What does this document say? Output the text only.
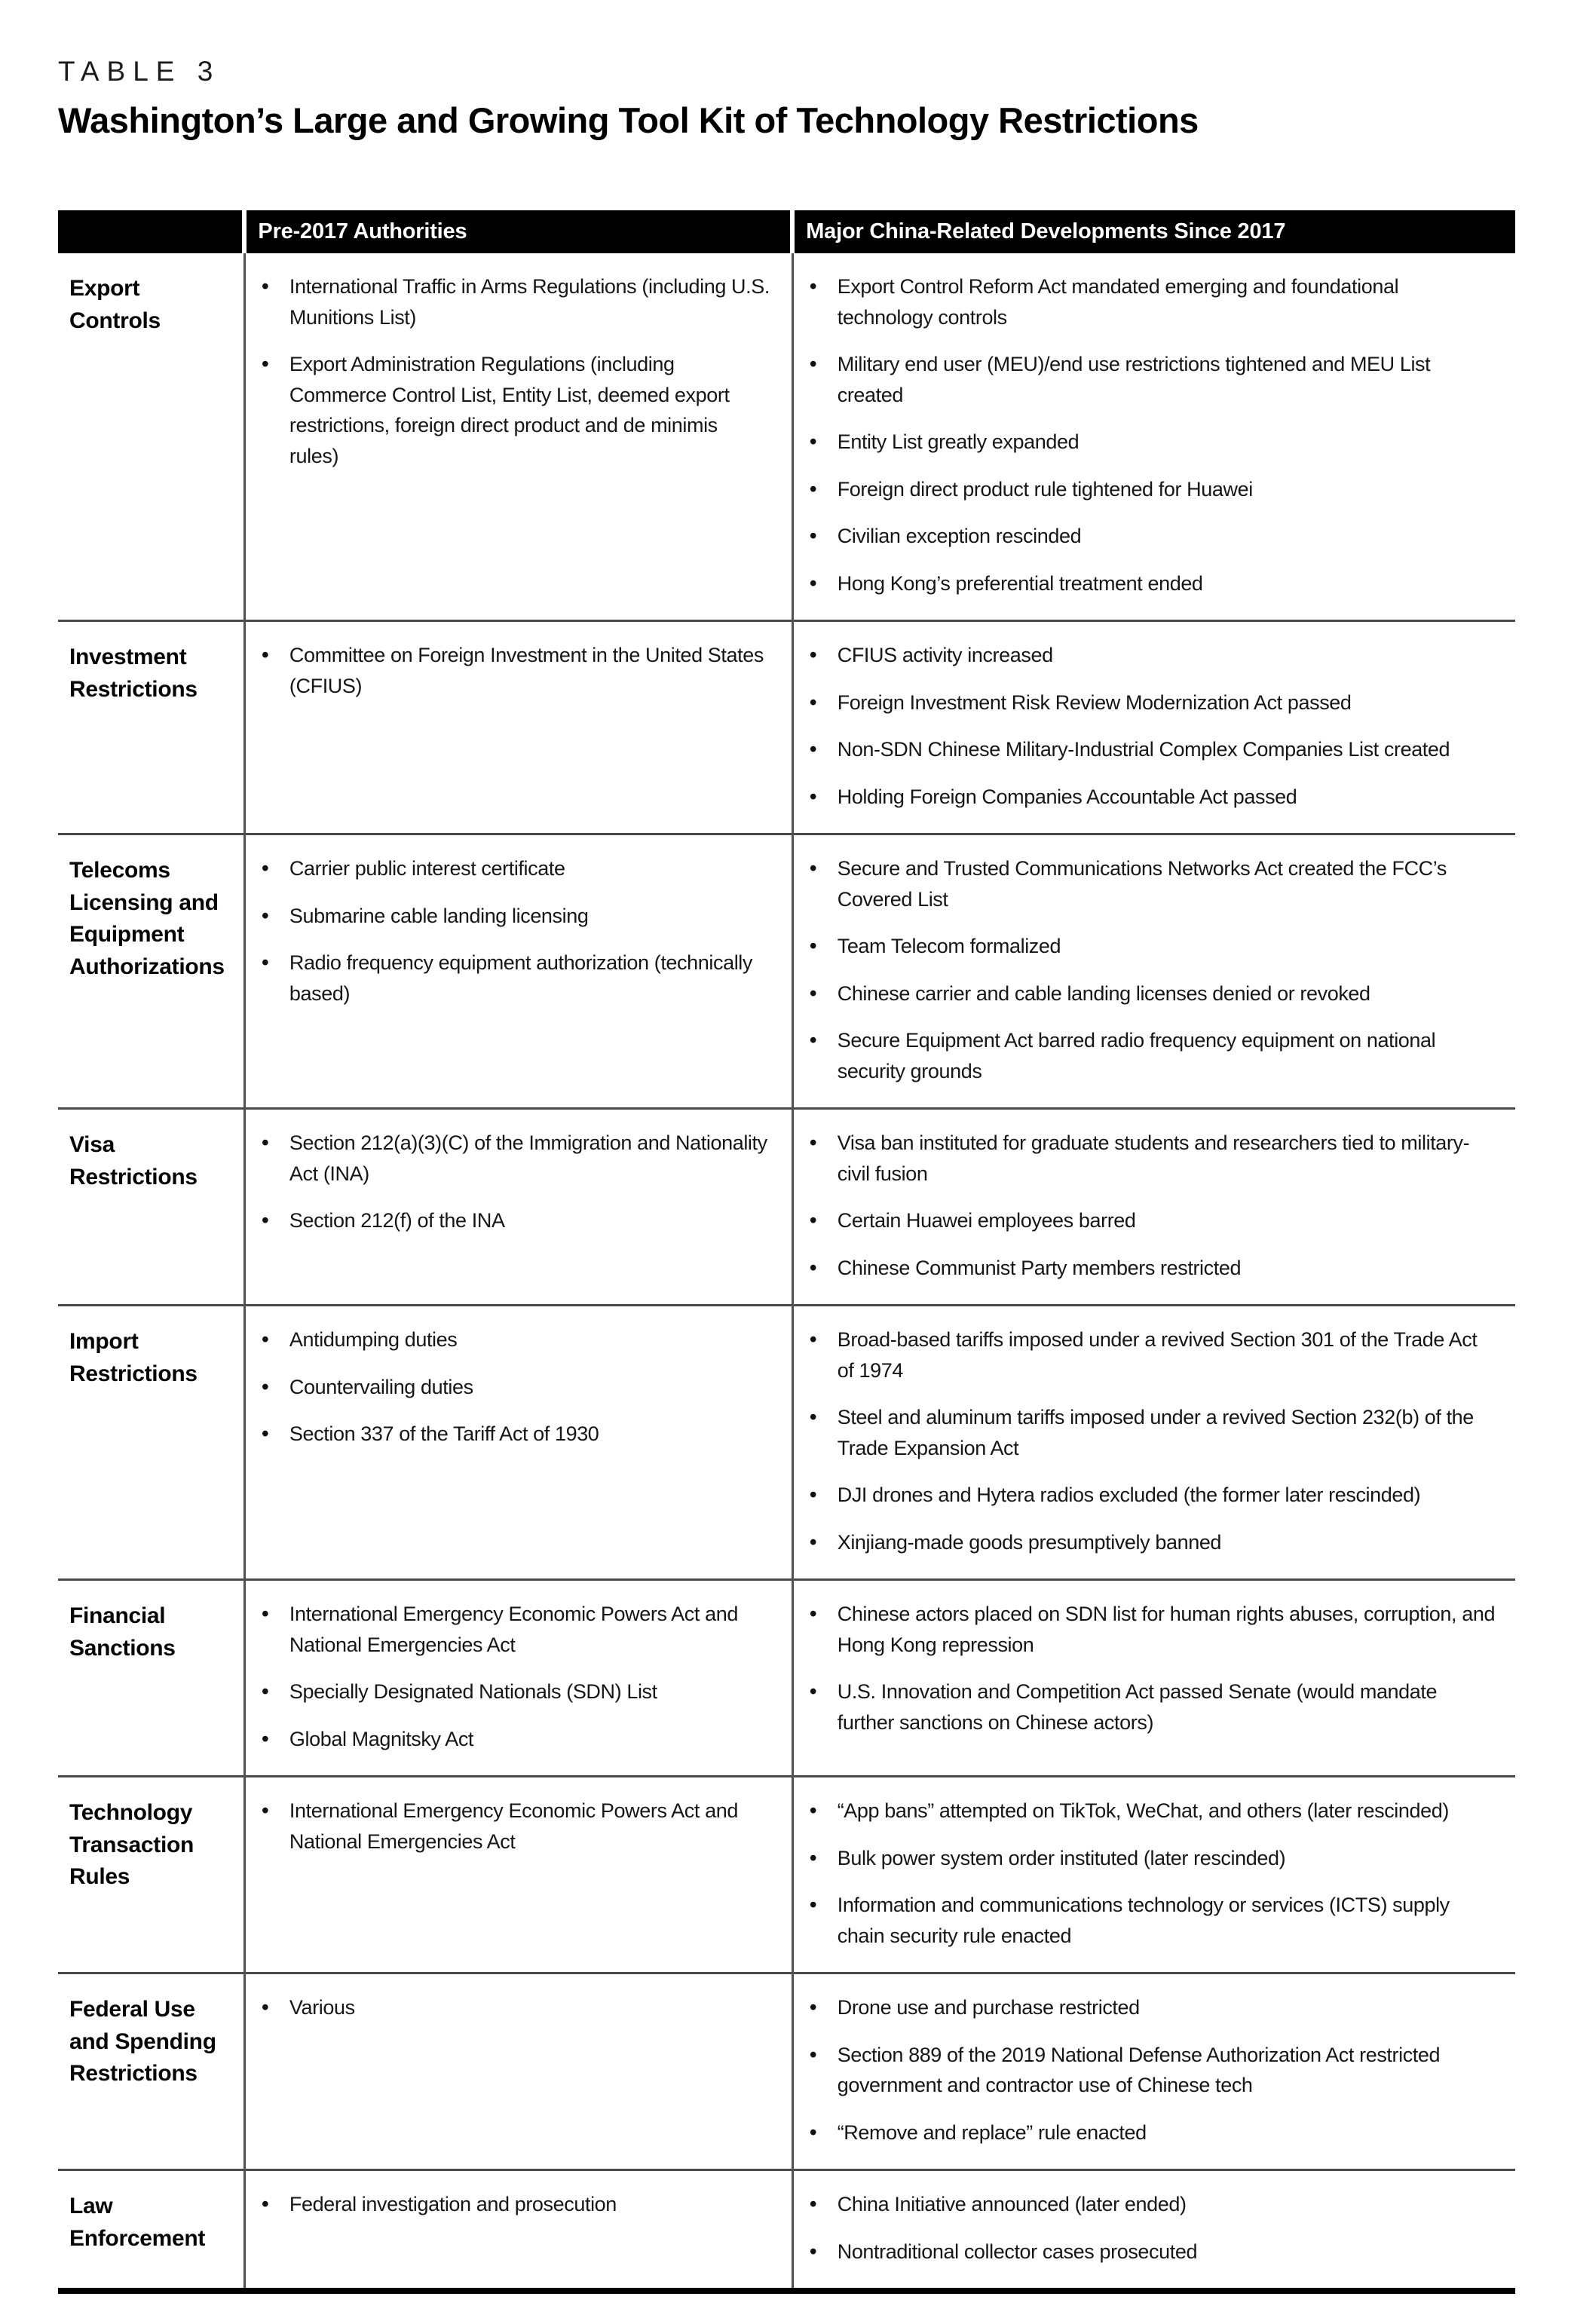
TABLE 3
Washington’s Large and Growing Tool Kit of Technology Restrictions
	Pre-2017 Authorities	Major China-Related Developments Since 2017
Export Controls	
• International Traffic in Arms Regulations (including U.S. Munitions List)
• Export Administration Regulations (including Commerce Control List, Entity List, deemed export restrictions, foreign direct product and de minimis rules)

• Export Control Reform Act mandated emerging and foundational technology controls
• Military end user (MEU)/end use restrictions tightened and MEU List created
• Entity List greatly expanded
• Foreign direct product rule tightened for Huawei
• Civilian exception rescinded
• Hong Kong’s preferential treatment ended

Investment Restrictions	
• Committee on Foreign Investment in the United States (CFIUS)

• CFIUS activity increased
• Foreign Investment Risk Review Modernization Act passed
• Non-SDN Chinese Military-Industrial Complex Companies List created
• Holding Foreign Companies Accountable Act passed

Telecoms Licensing and Equipment Authorizations	
• Carrier public interest certificate
• Submarine cable landing licensing
• Radio frequency equipment authorization (technically based)

• Secure and Trusted Communications Networks Act created the FCC’s Covered List
• Team Telecom formalized
• Chinese carrier and cable landing licenses denied or revoked
• Secure Equipment Act barred radio frequency equipment on national security grounds

Visa Restrictions	
• Section 212(a)(3)(C) of the Immigration and Nationality Act (INA)
• Section 212(f) of the INA

• Visa ban instituted for graduate students and researchers tied to military-civil fusion
• Certain Huawei employees barred
• Chinese Communist Party members restricted

Import Restrictions	
• Antidumping duties
• Countervailing duties
• Section 337 of the Tariff Act of 1930

• Broad-based tariffs imposed under a revived Section 301 of the Trade Act of 1974
• Steel and aluminum tariffs imposed under a revived Section 232(b) of the Trade Expansion Act
• DJI drones and Hytera radios excluded (the former later rescinded)
• Xinjiang-made goods presumptively banned

Financial Sanctions	
• International Emergency Economic Powers Act and National Emergencies Act
• Specially Designated Nationals (SDN) List
• Global Magnitsky Act

• Chinese actors placed on SDN list for human rights abuses, corruption, and Hong Kong repression
• U.S. Innovation and Competition Act passed Senate (would mandate further sanctions on Chinese actors)

Technology Transaction Rules	
• International Emergency Economic Powers Act and National Emergencies Act

• “App bans” attempted on TikTok, WeChat, and others (later rescinded)
• Bulk power system order instituted (later rescinded)
• Information and communications technology or services (ICTS) supply chain security rule enacted

Federal Use and Spending Restrictions	
• Various

•Drone use and purchase restricted
• Section 889 of the 2019 National Defense Authorization Act restricted government and contractor use of Chinese tech
• “Remove and replace” rule enacted

Law Enforcement	
• Federal investigation and prosecution

•China Initiative announced (later ended)
• Nontraditional collector cases prosecuted
